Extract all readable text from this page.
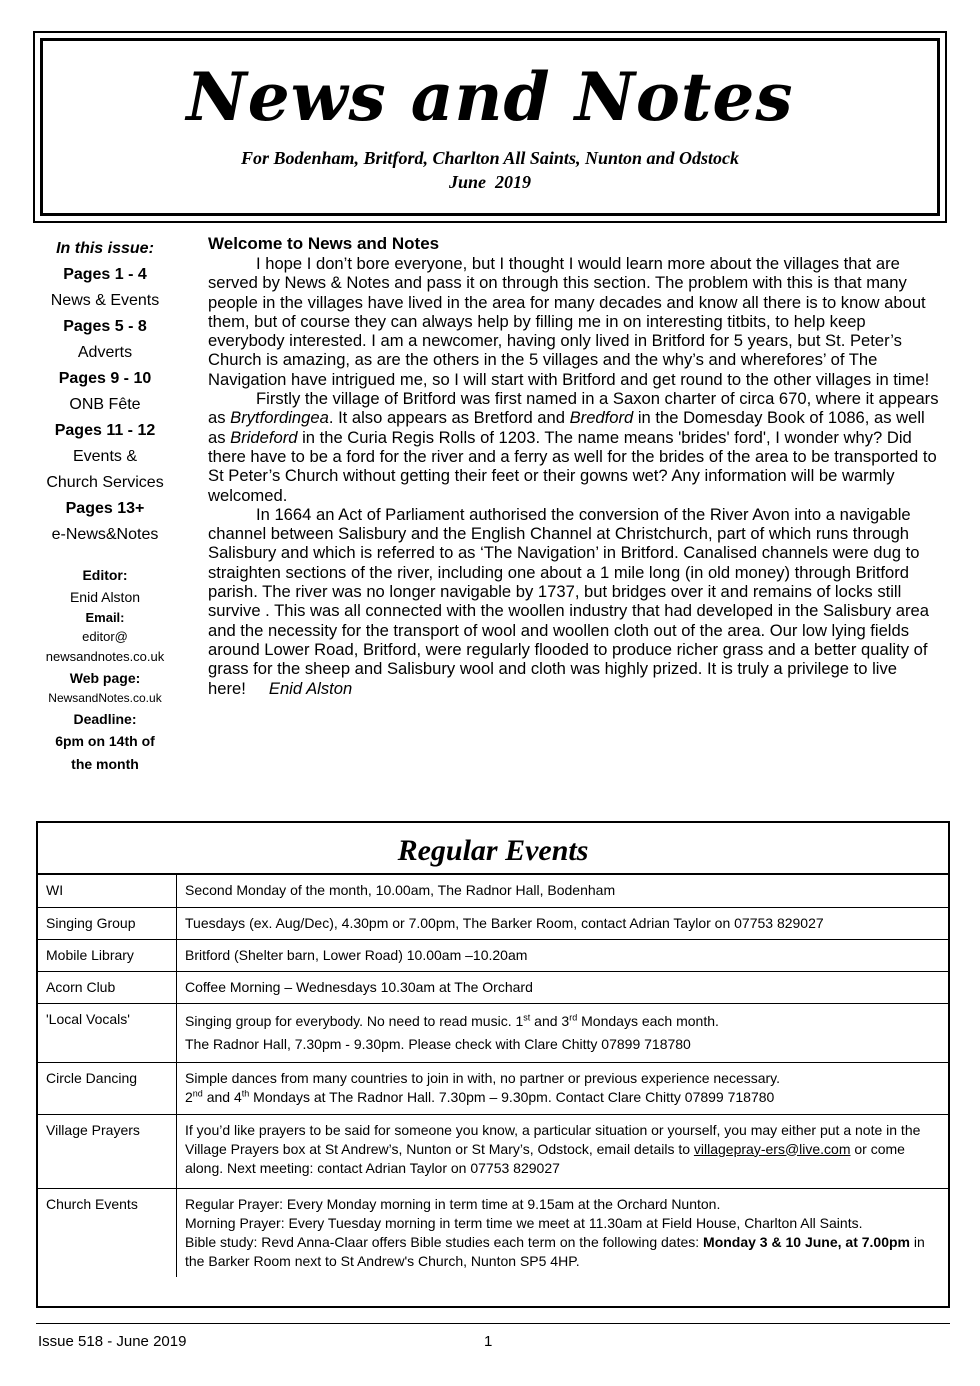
News and Notes
For Bodenham, Britford, Charlton All Saints, Nunton and Odstock
June  2019
In this issue:
Pages 1 - 4
News & Events
Pages 5 - 8
Adverts
Pages 9 - 10
ONB Fête
Pages 11 - 12
Events &
Church Services
Pages 13+
e-News&Notes
Editor:
Enid Alston
Email:
editor@
newsandnotes.co.uk
Web page:
NewsandNotes.co.uk
Deadline:
6pm on 14th of
the month
Welcome to News and Notes

I hope I don’t bore everyone, but I thought I would learn more about the villages that are served by News & Notes and pass it on through this section. The problem with this is that many people in the villages have lived in the area for many decades and know all there is to know about them, but of course they can always help by filling me in on interesting titbits, to help keep everybody interested. I am a newcomer, having only lived in Britford for 5 years, but St. Peter’s Church is amazing, as are the others in the 5 villages and the why’s and wherefores’ of The Navigation have intrigued me, so I will start with Britford and get round to the other villages in time!

Firstly the village of Britford was first named in a Saxon charter of circa 670, where it appears as Brytfordingea. It also appears as Bretford and Bredford in the Domesday Book of 1086, as well as Brideford in the Curia Regis Rolls of 1203. The name means 'brides' ford', I wonder why? Did there have to be a ford for the river and a ferry as well for the brides of the area to be transported to St Peter’s Church without getting their feet or their gowns wet? Any information will be warmly welcomed.

In 1664 an Act of Parliament authorised the conversion of the River Avon into a navigable channel between Salisbury and the English Channel at Christchurch, part of which runs through Salisbury and which is referred to as ‘The Navigation’ in Britford. Canalised channels were dug to straighten sections of the river, including one about a 1 mile long (in old money) through Britford parish. The river was no longer navigable by 1737, but bridges over it and remains of locks still survive . This was all connected with the woollen industry that had developed in the Salisbury area and the necessity for the transport of wool and woollen cloth out of the area. Our low lying fields around Lower Road, Britford, were regularly flooded to produce richer grass and a better quality of grass for the sheep and Salisbury wool and cloth was highly prized. It is truly a privilege to live here! Enid Alston

Regular Events
WI	Second Monday of the month, 10.00am, The Radnor Hall, Bodenham
Singing Group	Tuesdays (ex. Aug/Dec), 4.30pm or 7.00pm, The Barker Room, contact Adrian Taylor on 07753 829027
Mobile Library	Britford (Shelter barn, Lower Road) 10.00am –10.20am
Acorn Club	Coffee Morning – Wednesdays 10.30am at The Orchard
'Local Vocals'	Singing group for everybody. No need to read music. 1st and 3rd Mondays each month.
The Radnor Hall, 7.30pm - 9.30pm. Please check with Clare Chitty 07899 718780

Circle Dancing	Simple dances from many countries to join in with, no partner or previous experience necessary.
2nd and 4th Mondays at The Radnor Hall. 7.30pm – 9.30pm. Contact Clare Chitty 07899 718780

Village Prayers	If you’d like prayers to be said for someone you know, a particular situation or yourself, you may either put a note in the Village Prayers box at St Andrew’s, Nunton or St Mary’s, Odstock, email details to villagepray-ers@live.com or come along. Next meeting: contact Adrian Taylor on 07753 829027
Church Events	Regular Prayer: Every Monday morning in term time at 9.15am at the Orchard Nunton.
Morning Prayer: Every Tuesday morning in term time we meet at 11.30am at Field House, Charlton All Saints.
Bible study: Revd Anna-Claar offers Bible studies each term on the following dates: Monday 3 & 10 June, at 7.00pm in the Barker Room next to St Andrew's Church, Nunton SP5 4HP.
Issue 518 - June 2019	1
